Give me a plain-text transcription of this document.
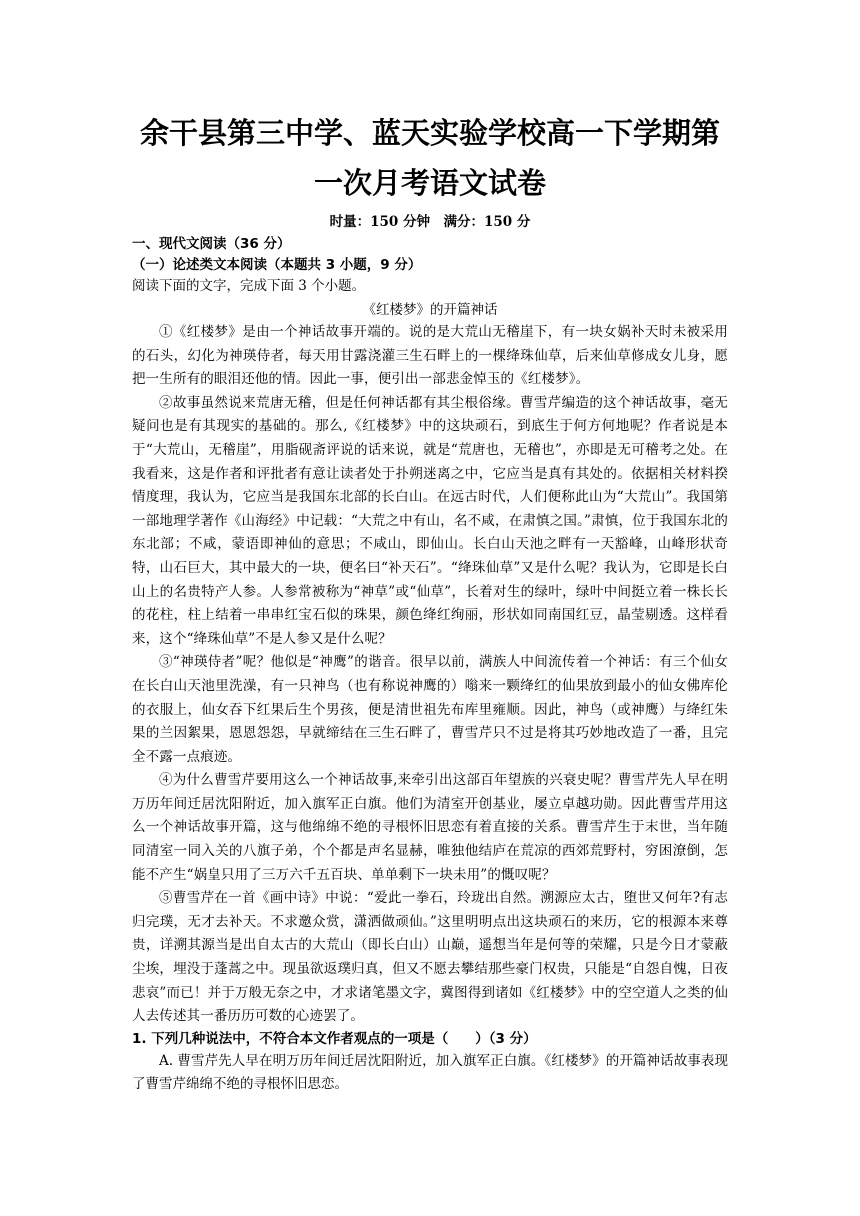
余干县第三中学、蓝天实验学校高一下学期第一次月考语文试卷
时量：150 分钟　满分：150 分

一、现代文阅读（36 分）

（一）论述类文本阅读（本题共 3 小题，9 分）

阅读下面的文字，完成下面 3 个小题。

《红楼梦》的开篇神话

①《红楼梦》是由一个神话故事开端的。说的是大荒山无稽崖下，有一块女娲补天时未被采用的石头，幻化为神瑛侍者，每天用甘露浇灌三生石畔上的一棵绛珠仙草，后来仙草修成女儿身，愿把一生所有的眼泪还他的情。因此一事，便引出一部悲金悼玉的《红楼梦》。

②故事虽然说来荒唐无稽，但是任何神话都有其尘根俗缘。曹雪芹编造的这个神话故事，毫无疑问也是有其现实的基础的。那么,《红楼梦》中的这块顽石，到底生于何方何地呢？作者说是本于“大荒山，无稽崖”，用脂砚斋评说的话来说，就是“荒唐也，无稽也”，亦即是无可稽考之处。在我看来，这是作者和评批者有意让读者处于扑朔迷离之中，它应当是真有其处的。依据相关材料揆情度理，我认为，它应当是我国东北部的长白山。在远古时代，人们便称此山为“大荒山”。我国第一部地理学著作《山海经》中记载：“大荒之中有山，名不咸，在肃慎之国。”肃慎，位于我国东北的东北部；不咸，蒙语即神仙的意思；不咸山，即仙山。长白山天池之畔有一天豁峰，山峰形状奇特，山石巨大，其中最大的一块，便名曰“补天石”。“绛珠仙草”又是什么呢？我认为，它即是长白山上的名贵特产人参。人参常被称为“神草”或“仙草”，长着对生的绿叶，绿叶中间挺立着一株长长的花柱，柱上结着一串串红宝石似的珠果，颜色绛红绚丽，形状如同南国红豆，晶莹剔透。这样看来，这个“绛珠仙草”不是人参又是什么呢？

③“神瑛侍者”呢？他似是“神鹰”的谐音。很早以前，满族人中间流传着一个神话：有三个仙女在长白山天池里洗澡，有一只神鸟（也有称说神鹰的）嗡来一颗绛红的仙果放到最小的仙女佛库伦的衣服上，仙女吞下红果后生个男孩，便是清世祖先布库里雍顺。因此，神鸟（或神鹰）与绛红朱果的兰因絮果，恩恩怨怨，早就缔结在三生石畔了，曹雪芹只不过是将其巧妙地改造了一番，且完全不露一点痕迹。

④为什么曹雪芹要用这么一个神话故事,来牵引出这部百年望族的兴衰史呢？曹雪芹先人早在明万历年间迁居沈阳附近，加入旗军正白旗。他们为清室开创基业，屡立卓越功勋。因此曹雪芹用这么一个神话故事开篇，这与他绵绵不绝的寻根怀旧思恋有着直接的关系。曹雪芹生于末世，当年随同清室一同入关的八旗子弟，个个都是声名显赫，唯独他结庐在荒凉的西郊荒野村，穷困潦倒，怎能不产生“娲皇只用了三万六千五百块、单单剩下一块未用”的慨叹呢？

⑤曹雪芹在一首《画中诗》中说：“爱此一拳石，玲珑出自然。溯源应太古，堕世又何年?有志归完璞，无才去补天。不求邀众赏，潇洒做顽仙。”这里明明点出这块顽石的来历，它的根源本来尊贵，详溯其源当是出自太古的大荒山（即长白山）山巅，遥想当年是何等的荣耀，只是今日才蒙蔽尘埃，埋没于蓬蒿之中。现虽欲返璞归真，但又不愿去攀结那些豪门权贵，只能是“自怨自愧，日夜悲哀”而已！并于万般无奈之中，才求诸笔墨文字，冀图得到诸如《红楼梦》中的空空道人之类的仙人去传述其一番历历可数的心迹罢了。

1. 下列几种说法中，不符合本文作者观点的一项是（　　）（3 分）

A. 曹雪芹先人早在明万历年间迁居沈阳附近，加入旗军正白旗。《红楼梦》的开篇神话故事表现了曹雪芹绵绵不绝的寻根怀旧思恋。
